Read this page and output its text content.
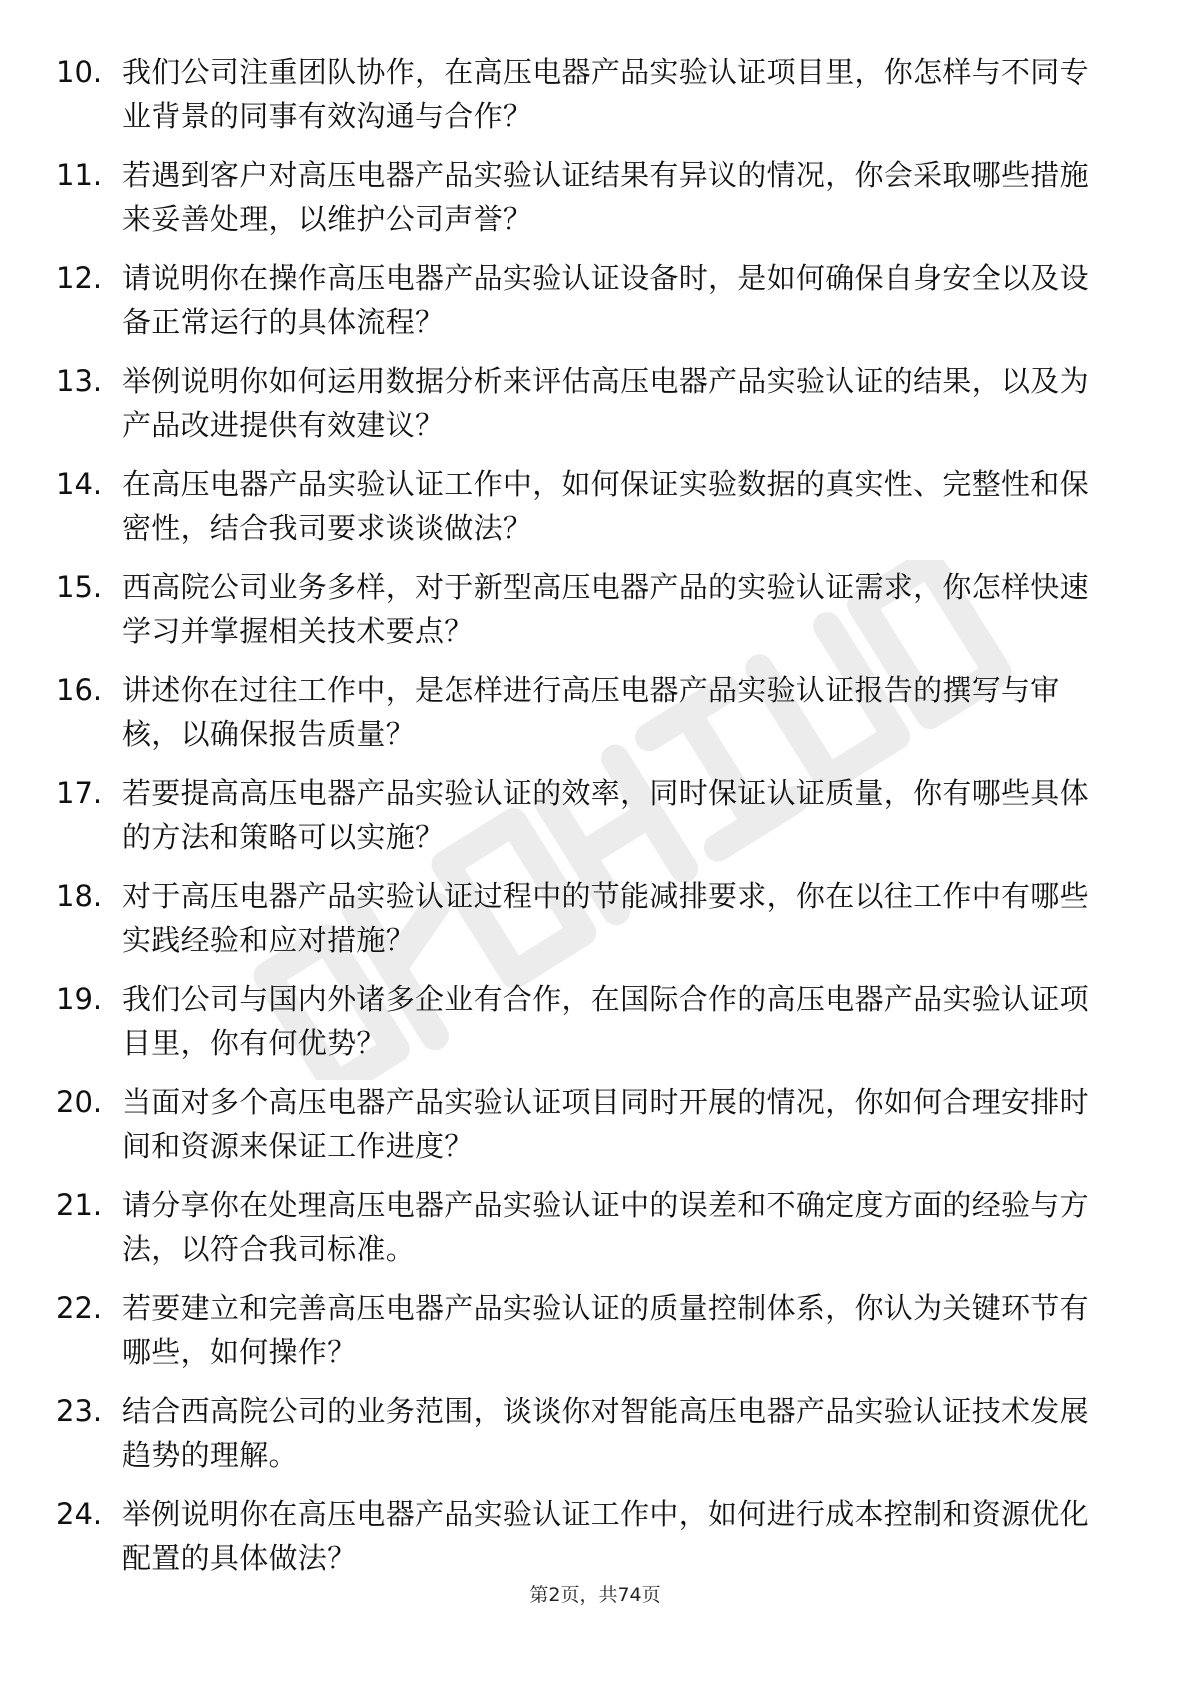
10. 我们公司注重团队协作，在高压电器产品实验认证项目里，你怎样与不同专业背景的同事有效沟通与合作？
11. 若遇到客户对高压电器产品实验认证结果有异议的情况，你会采取哪些措施来妥善处理，以维护公司声誉？
12. 请说明你在操作高压电器产品实验认证设备时，是如何确保自身安全以及设备正常运行的具体流程？
13. 举例说明你如何运用数据分析来评估高压电器产品实验认证的结果，以及为产品改进提供有效建议？
14. 在高压电器产品实验认证工作中，如何保证实验数据的真实性、完整性和保密性，结合我司要求谈谈做法？
15. 西高院公司业务多样，对于新型高压电器产品的实验认证需求，你怎样快速学习并掌握相关技术要点？
16. 讲述你在过往工作中，是怎样进行高压电器产品实验认证报告的撰写与审核，以确保报告质量？
17. 若要提高高压电器产品实验认证的效率，同时保证认证质量，你有哪些具体的方法和策略可以实施？
18. 对于高压电器产品实验认证过程中的节能减排要求，你在以往工作中有哪些实践经验和应对措施？
19. 我们公司与国内外诸多企业有合作，在国际合作的高压电器产品实验认证项目里，你有何优势？
20. 当面对多个高压电器产品实验认证项目同时开展的情况，你如何合理安排时间和资源来保证工作进度？
21. 请分享你在处理高压电器产品实验认证中的误差和不确定度方面的经验与方法，以符合我司标准。
22. 若要建立和完善高压电器产品实验认证的质量控制体系，你认为关键环节有哪些，如何操作？
23. 结合西高院公司的业务范围，谈谈你对智能高压电器产品实验认证技术发展趋势的理解。
24. 举例说明你在高压电器产品实验认证工作中，如何进行成本控制和资源优化配置的具体做法？
第2页，共74页
